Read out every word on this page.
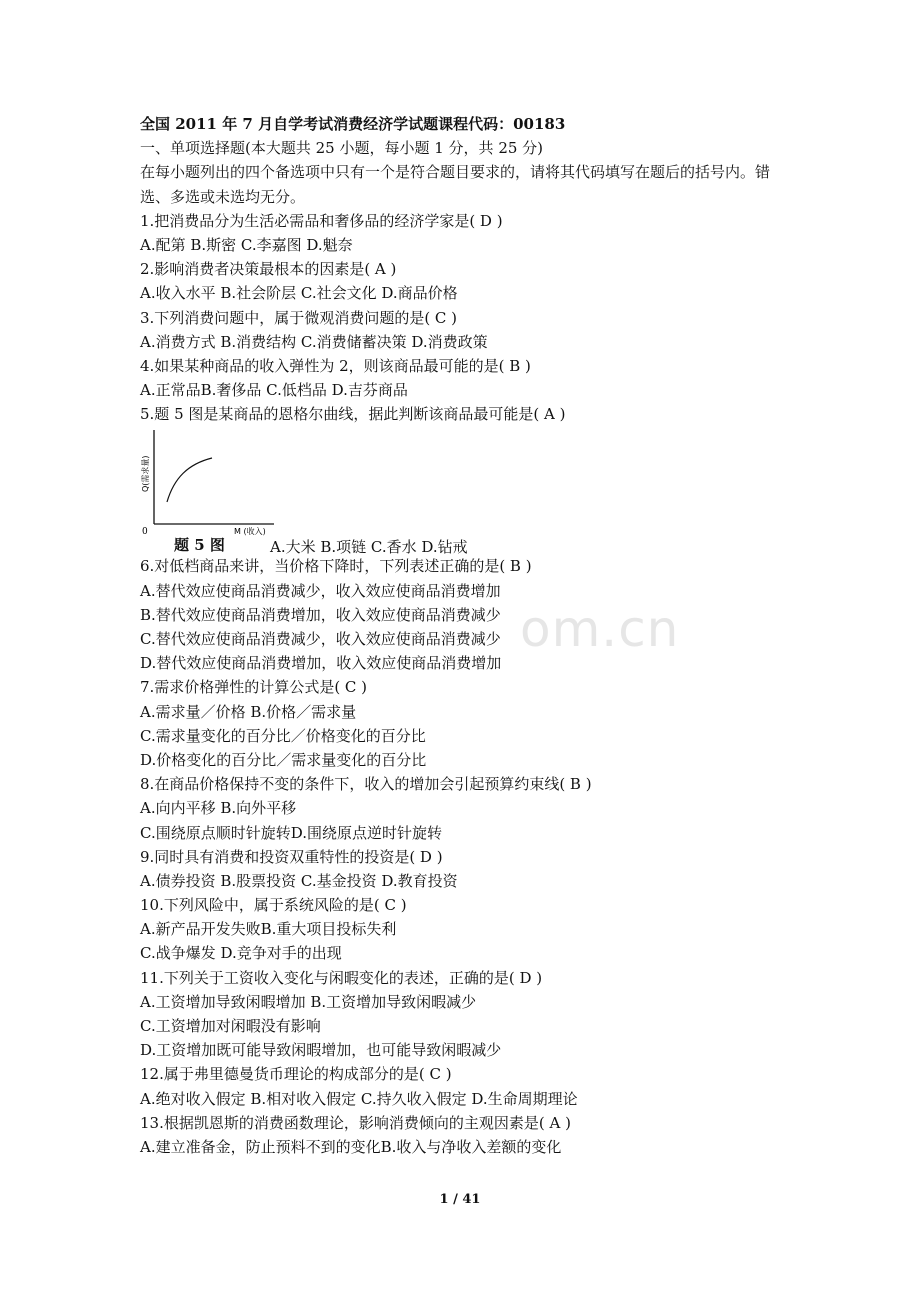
om.cn
全国 2011 年 7 月自学考试消费经济学试题课程代码：00183
一、单项选择题(本大题共 25 小题，每小题 1 分，共 25 分)
在每小题列出的四个备选项中只有一个是符合题目要求的，请将其代码填写在题后的括号内。错选、多选或未选均无分。
1.把消费品分为生活必需品和奢侈品的经济学家是( D )
A.配第 B.斯密 C.李嘉图 D.魁奈
2.影响消费者决策最根本的因素是( A )
A.收入水平 B.社会阶层 C.社会文化 D.商品价格
3.下列消费问题中，属于微观消费问题的是( C )
A.消费方式 B.消费结构 C.消费储蓄决策 D.消费政策
4.如果某种商品的收入弹性为 2，则该商品最可能的是( B )
A.正常品B.奢侈品 C.低档品 D.吉芬商品
5.题 5 图是某商品的恩格尔曲线，据此判断该商品最可能是( A )
Q(需求量)
0	M (收入)
题 5 图	A.大米 B.项链 C.香水 D.钻戒
6.对低档商品来讲，当价格下降时，下列表述正确的是( B )
A.替代效应使商品消费减少，收入效应使商品消费增加
B.替代效应使商品消费增加，收入效应使商品消费减少
C.替代效应使商品消费减少，收入效应使商品消费减少
D.替代效应使商品消费增加，收入效应使商品消费增加
7.需求价格弹性的计算公式是( C )
A.需求量／价格 B.价格／需求量
C.需求量变化的百分比／价格变化的百分比
D.价格变化的百分比／需求量变化的百分比
8.在商品价格保持不变的条件下，收入的增加会引起预算约束线( B )
A.向内平移 B.向外平移
C.围绕原点顺时针旋转D.围绕原点逆时针旋转
9.同时具有消费和投资双重特性的投资是( D )
A.债券投资 B.股票投资 C.基金投资 D.教育投资
10.下列风险中，属于系统风险的是( C )
A.新产品开发失败B.重大项目投标失利
C.战争爆发 D.竞争对手的出现
11.下列关于工资收入变化与闲暇变化的表述，正确的是( D )
A.工资增加导致闲暇增加 B.工资增加导致闲暇减少
C.工资增加对闲暇没有影响
D.工资增加既可能导致闲暇增加，也可能导致闲暇减少
12.属于弗里德曼货币理论的构成部分的是( C )
A.绝对收入假定 B.相对收入假定 C.持久收入假定 D.生命周期理论
13.根据凯恩斯的消费函数理论，影响消费倾向的主观因素是( A )
A.建立准备金，防止预料不到的变化B.收入与净收入差额的变化
1 / 41
